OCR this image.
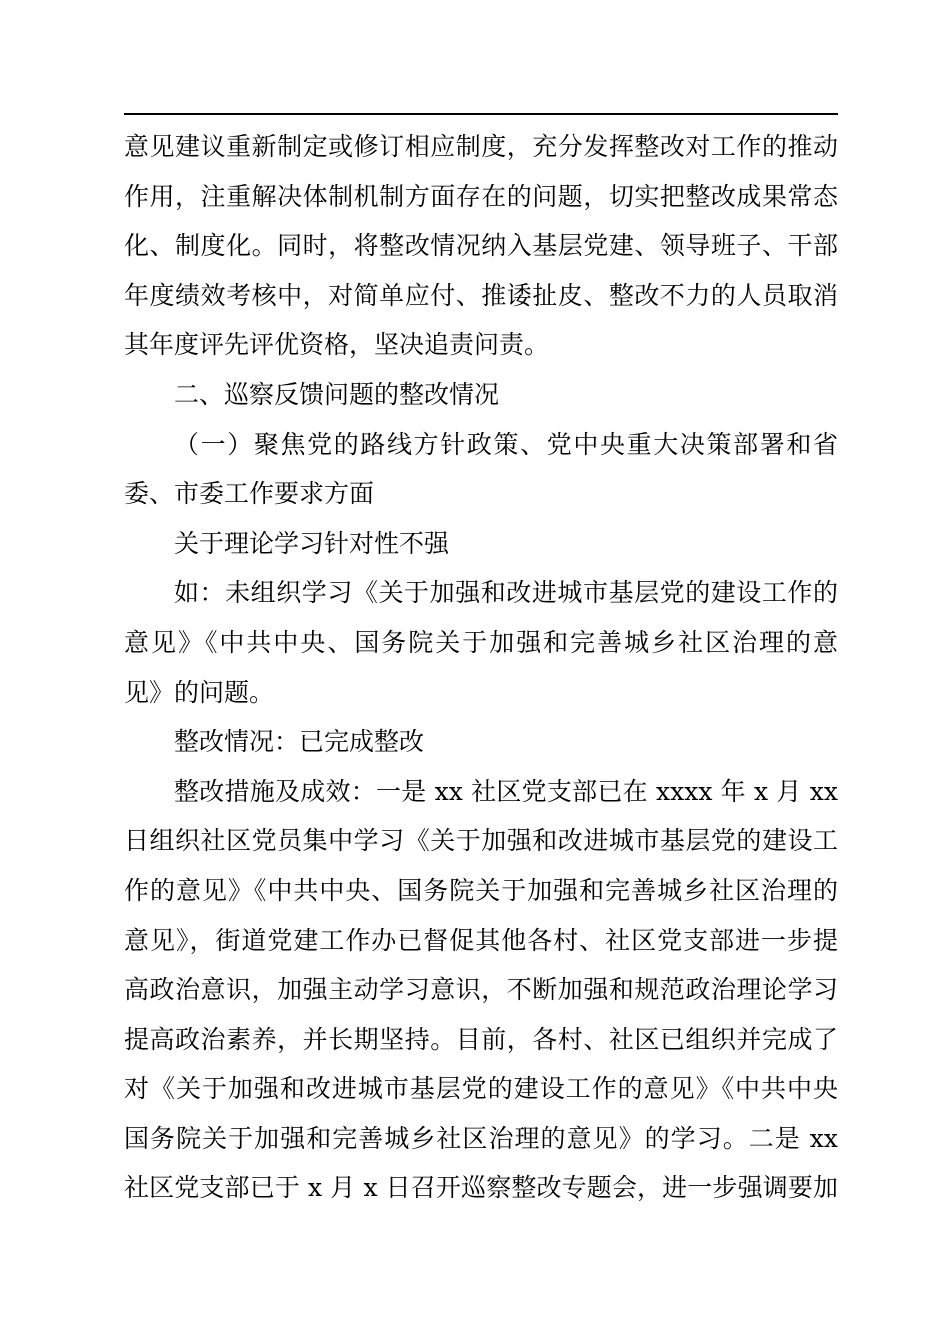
意见建议重新制定或修订相应制度，充分发挥整改对工作的推动
作用，注重解决体制机制方面存在的问题，切实把整改成果常态
化、制度化。同时，将整改情况纳入基层党建、领导班子、干部
年度绩效考核中，对简单应付、推诿扯皮、整改不力的人员取消
其年度评先评优资格，坚决追责问责。
二、巡察反馈问题的整改情况
（一）聚焦党的路线方针政策、党中央重大决策部署和省
委、市委工作要求方面
关于理论学习针对性不强
如：未组织学习《关于加强和改进城市基层党的建设工作的
意见》《中共中央、国务院关于加强和完善城乡社区治理的意
见》的问题。
整改情况：已完成整改
整改措施及成效：一是 xx 社区党支部已在 xxxx 年 x 月 xx
日组织社区党员集中学习《关于加强和改进城市基层党的建设工
作的意见》《中共中央、国务院关于加强和完善城乡社区治理的
意见》，街道党建工作办已督促其他各村、社区党支部进一步提
高政治意识，加强主动学习意识，不断加强和规范政治理论学习
提高政治素养，并长期坚持。目前，各村、社区已组织并完成了
对《关于加强和改进城市基层党的建设工作的意见》《中共中央
国务院关于加强和完善城乡社区治理的意见》的学习。二是 xx
社区党支部已于 x 月 x 日召开巡察整改专题会，进一步强调要加
